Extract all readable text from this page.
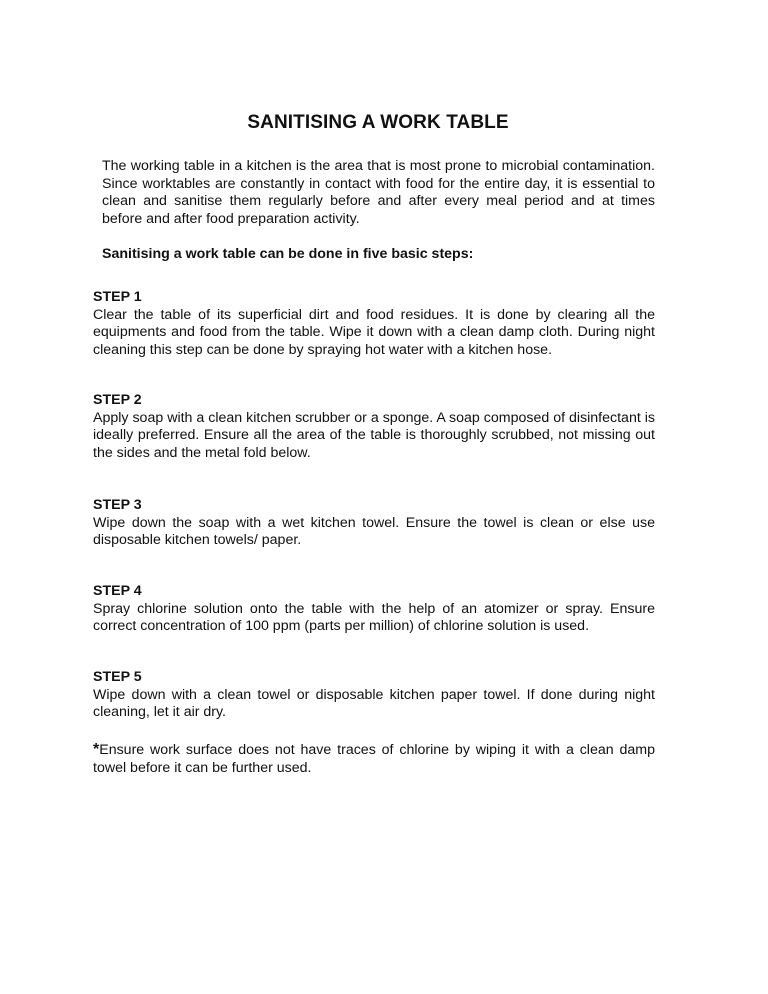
SANITISING A WORK TABLE
The working table in a kitchen is the area that is most prone to microbial contamination. Since worktables are constantly in contact with food for the entire day, it is essential to clean and sanitise them regularly before and after every meal period and at times before and after food preparation activity.
Sanitising a work table can be done in five basic steps:
STEP 1
Clear the table of its superficial dirt and food residues. It is done by clearing all the equipments and food from the table. Wipe it down with a clean damp cloth. During night cleaning this step can be done by spraying hot water with a kitchen hose.
STEP 2
Apply soap with a clean kitchen scrubber or a sponge. A soap composed of disinfectant is ideally preferred. Ensure all the area of the table is thoroughly scrubbed, not missing out the sides and the metal fold below.
STEP 3
Wipe down the soap with a wet kitchen towel. Ensure the towel is clean or else use disposable kitchen towels/ paper.
STEP 4
Spray chlorine solution onto the table with the help of an atomizer or spray. Ensure correct concentration of 100 ppm (parts per million) of chlorine solution is used.
STEP 5
Wipe down with a clean towel or disposable kitchen paper towel. If done during night cleaning, let it air dry.
*Ensure work surface does not have traces of chlorine by wiping it with a clean damp towel before it can be further used.
